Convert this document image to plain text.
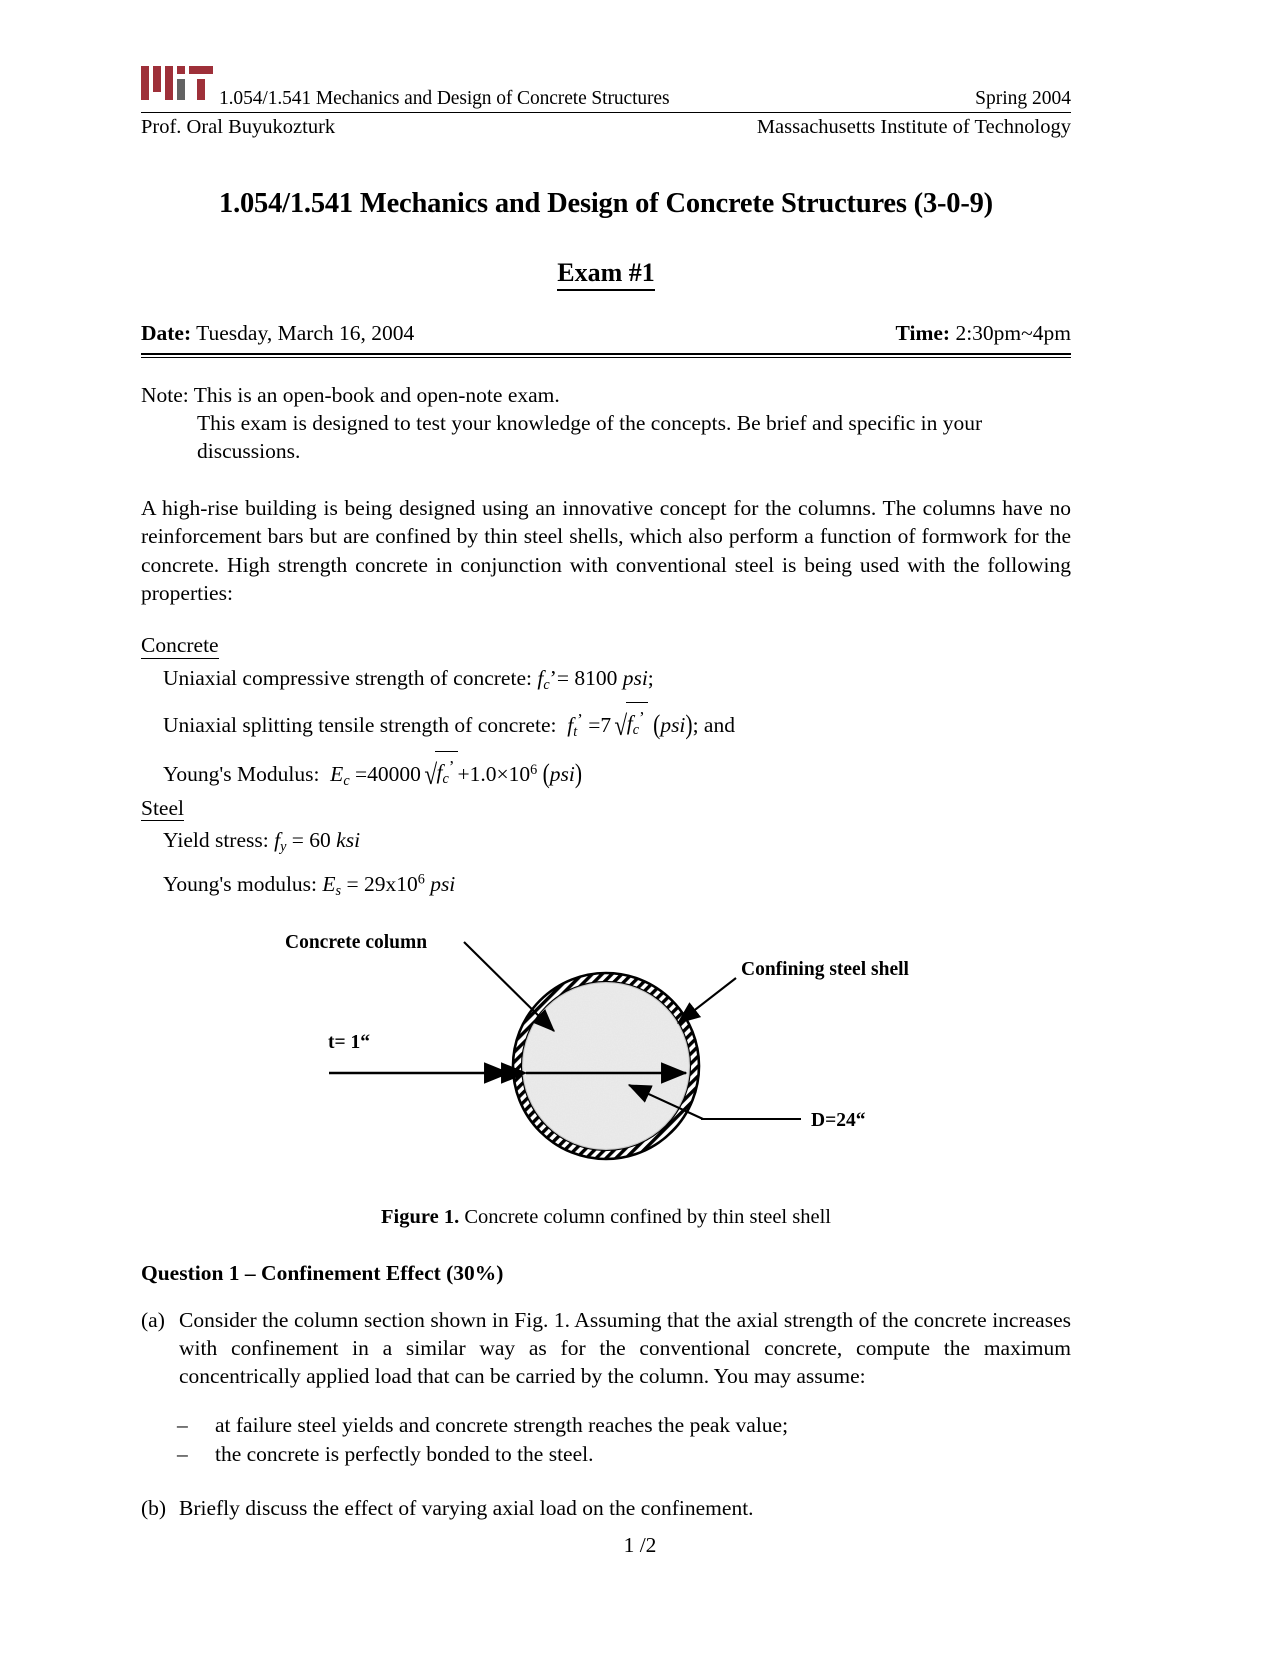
1.054/1.541 Mechanics and Design of Concrete Structures	Spring 2004
Prof. Oral Buyukozturk	Massachusetts Institute of Technology
1.054/1.541 Mechanics and Design of Concrete Structures (3-0-9)
Exam #1
Date: Tuesday, March 16, 2004	Time: 2:30pm~4pm
Note: This is an open-book and open-note exam.
This exam is designed to test your knowledge of the concepts. Be brief and specific in your discussions.
A high-rise building is being designed using an innovative concept for the columns. The columns have no reinforcement bars but are confined by thin steel shells, which also perform a function of formwork for the concrete. High strength concrete in conjunction with conventional steel is being used with the following properties:
Concrete
Uniaxial compressive strength of concrete: $f_c’= 8100$ psi;
Uniaxial splitting tensile strength of concrete: $f_t^’ =7$ $√f_c^’$ (psi); and
Young's Modulus: $E_c =40000$ $√f_c^’ +1.0\times 10^6$ (psi)
Steel
Yield stress: $f_y = 60$ ksi
Young's modulus: $E_s = 29x10^6$ psi
Concrete column
Confining steel shell
t= 1“
D=24“
Figure 1. Concrete column confined by thin steel shell
Question 1 – Confinement Effect (30%)
(a) Consider the column section shown in Fig. 1. Assuming that the axial strength of the concrete increases with confinement in a similar way as for the conventional concrete, compute the maximum concentrically applied load that can be carried by the column. You may assume:
– at failure steel yields and concrete strength reaches the peak value;
– the concrete is perfectly bonded to the steel.
(b) Briefly discuss the effect of varying axial load on the confinement.
1 /2
